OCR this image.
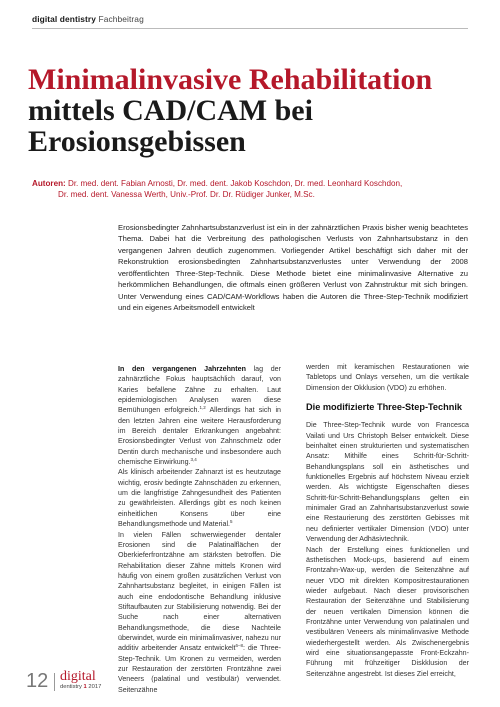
digital dentistry Fachbeitrag
Minimalinvasive Rehabilitation
mittels CAD/CAM bei
Erosionsgebissen
Autoren: Dr. med. dent. Fabian Arnosti, Dr. med. dent. Jakob Koschdon, Dr. med. Leonhard Koschdon,
Dr. med. dent. Vanessa Werth, Univ.-Prof. Dr. Dr. Rüdiger Junker, M.Sc.

Erosionsbedingter Zahnhartsubstanzverlust ist ein in der zahnärztlichen Praxis bisher wenig beachtetes Thema. Dabei hat die Verbreitung des pathologischen Verlusts von Zahnhartsubstanz in den vergangenen Jahren deutlich zugenommen. Vorliegender Artikel beschäftigt sich daher mit der Rekonstruktion erosionsbedingten Zahnhartsubstanzverlustes unter Verwendung der 2008 veröffentlichten Three-Step-Technik. Diese Methode bietet eine minimalinvasive Alternative zu herkömmlichen Behandlungen, die oftmals einen größeren Verlust von Zahnstruktur mit sich bringen. Unter Verwendung eines CAD/CAM-Workflows haben die Autoren die Three-Step-Technik modifiziert und ein eigenes Arbeitsmodell entwickelt

In den vergangenen Jahrzehnten lag der zahnärztliche Fokus hauptsächlich darauf, von Karies befallene Zähne zu erhalten. Laut epidemiologischen Analysen waren diese Bemühungen erfolgreich.$^{1,2}$ Allerdings hat sich in den letzten Jahren eine weitere Herausforderung im Bereich dentaler Erkrankungen angebahnt: Erosionsbedingter Verlust von Zahnschmelz oder Dentin durch mechanische und insbesondere auch chemische Einwirkung.$^{3,4}$

Als klinisch arbeitender Zahnarzt ist es heutzutage wichtig, erosiv bedingte Zahnschäden zu erkennen, um die langfristige Zahngesundheit des Patienten zu gewährleisten. Allerdings gibt es noch keinen einheitlichen Konsens über eine Behandlungsmethode und Material.$^5$

In vielen Fällen schwerwiegender dentaler Erosionen sind die Palatinalflächen der Oberkieferfrontzähne am stärksten betroffen. Die Rehabilitation dieser Zähne mittels Kronen wird häufig von einem großen zusätzlichen Verlust von Zahnhartsubstanz begleitet, in einigen Fällen ist auch eine endodontische Behandlung inklusive Stiftaufbauten zur Stabilisierung notwendig. Bei der Suche nach einer alternativen Behandlungsmethode, die diese Nachteile überwindet, wurde ein minimalinvasiver, nahezu nur additiv arbeitender Ansatz entwickelt$^{6-8}$: die Three-Step-Technik. Um Kronen zu vermeiden, werden zur Restauration der zerstörten Frontzähne zwei Veneers (palatinal und vestibulär) verwendet. Seitenzähne

werden mit keramischen Restaurationen wie Tabletops und Onlays versehen, um die vertikale Dimension der Okklusion (VDO) zu erhöhen.

Die modifizierte Three-Step-Technik

Die Three-Step-Technik wurde von Francesca Vailati und Urs Christoph Belser entwickelt. Diese beinhaltet einen strukturierten und systematischen Ansatz: Mithilfe eines Schritt-für-Schritt-Behandlungsplans soll ein ästhetisches und funktionelles Ergebnis auf höchstem Niveau erzielt werden. Als wichtigste Eigenschaften dieses Schritt-für-Schritt-Behandlungsplans gelten ein minimaler Grad an Zahnhartsubstanzverlust sowie eine Restaurierung des zerstörten Gebisses mit neu definierter vertikaler Dimension (VDO) unter Verwendung der Adhäsivtechnik.

Nach der Erstellung eines funktionellen und ästhetischen Mock-ups, basierend auf einem Frontzahn-Wax-up, werden die Seitenzähne auf neuer VDO mit direkten Kompositrestaurationen wieder aufgebaut. Nach dieser provisorischen Restauration der Seitenzähne und Stabilisierung der neuen vertikalen Dimension können die Frontzähne unter Verwendung von palatinalen und vestibulären Veneers als minimalinvasive Methode wiederhergestellt werden. Als Zwischenergebnis wird eine situationsangepasste Front-Eckzahn-Führung mit frühzeitiger Diskklusion der Seitenzähne angestrebt. Ist dieses Ziel erreicht,

12 digital
dentistry 1 2017
